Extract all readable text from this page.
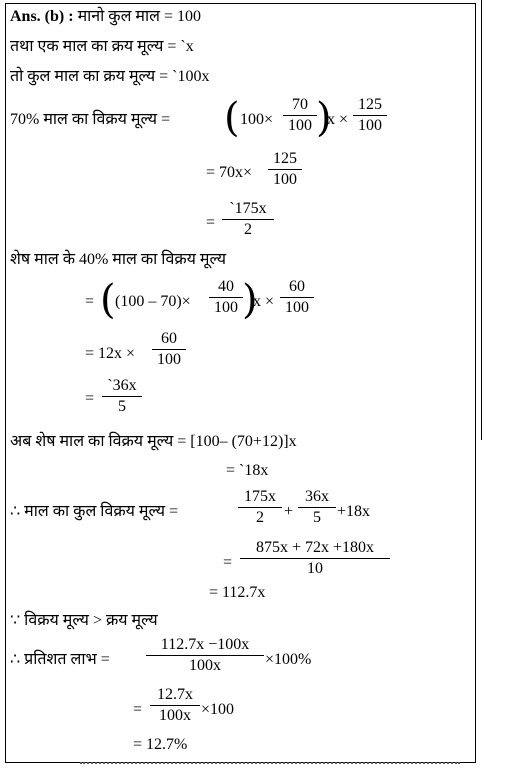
Ans. (b) : मानो कुल माल = 100
तथा एक माल का क्रय मूल्य = `x
तो कुल माल का क्रय मूल्य = `100x
70% माल का विक्रय मूल्य = ( 100×
70
100 )
x ×
125
100
= 70x×
125
100
=
`175x
2
शेष माल के 40% माल का विक्रय मूल्य
= ( (100 – 70)×
40
100 )
x ×
60
100
= 12x ×
60
100
=
`36x
5
अब शेष माल का विक्रय मूल्य = [100– (70+12)]x
= `18x
∴ माल का कुल विक्रय मूल्य =
175x
2	+
36x
5	+18x
=
875x + 72x +180x
10
= 112.7x
∵ विक्रय मूल्य > क्रय मूल्य
∴ प्रतिशत लाभ =
112.7x −100x
100x	×100%
=
12.7x
100x ×100
= 12.7%
